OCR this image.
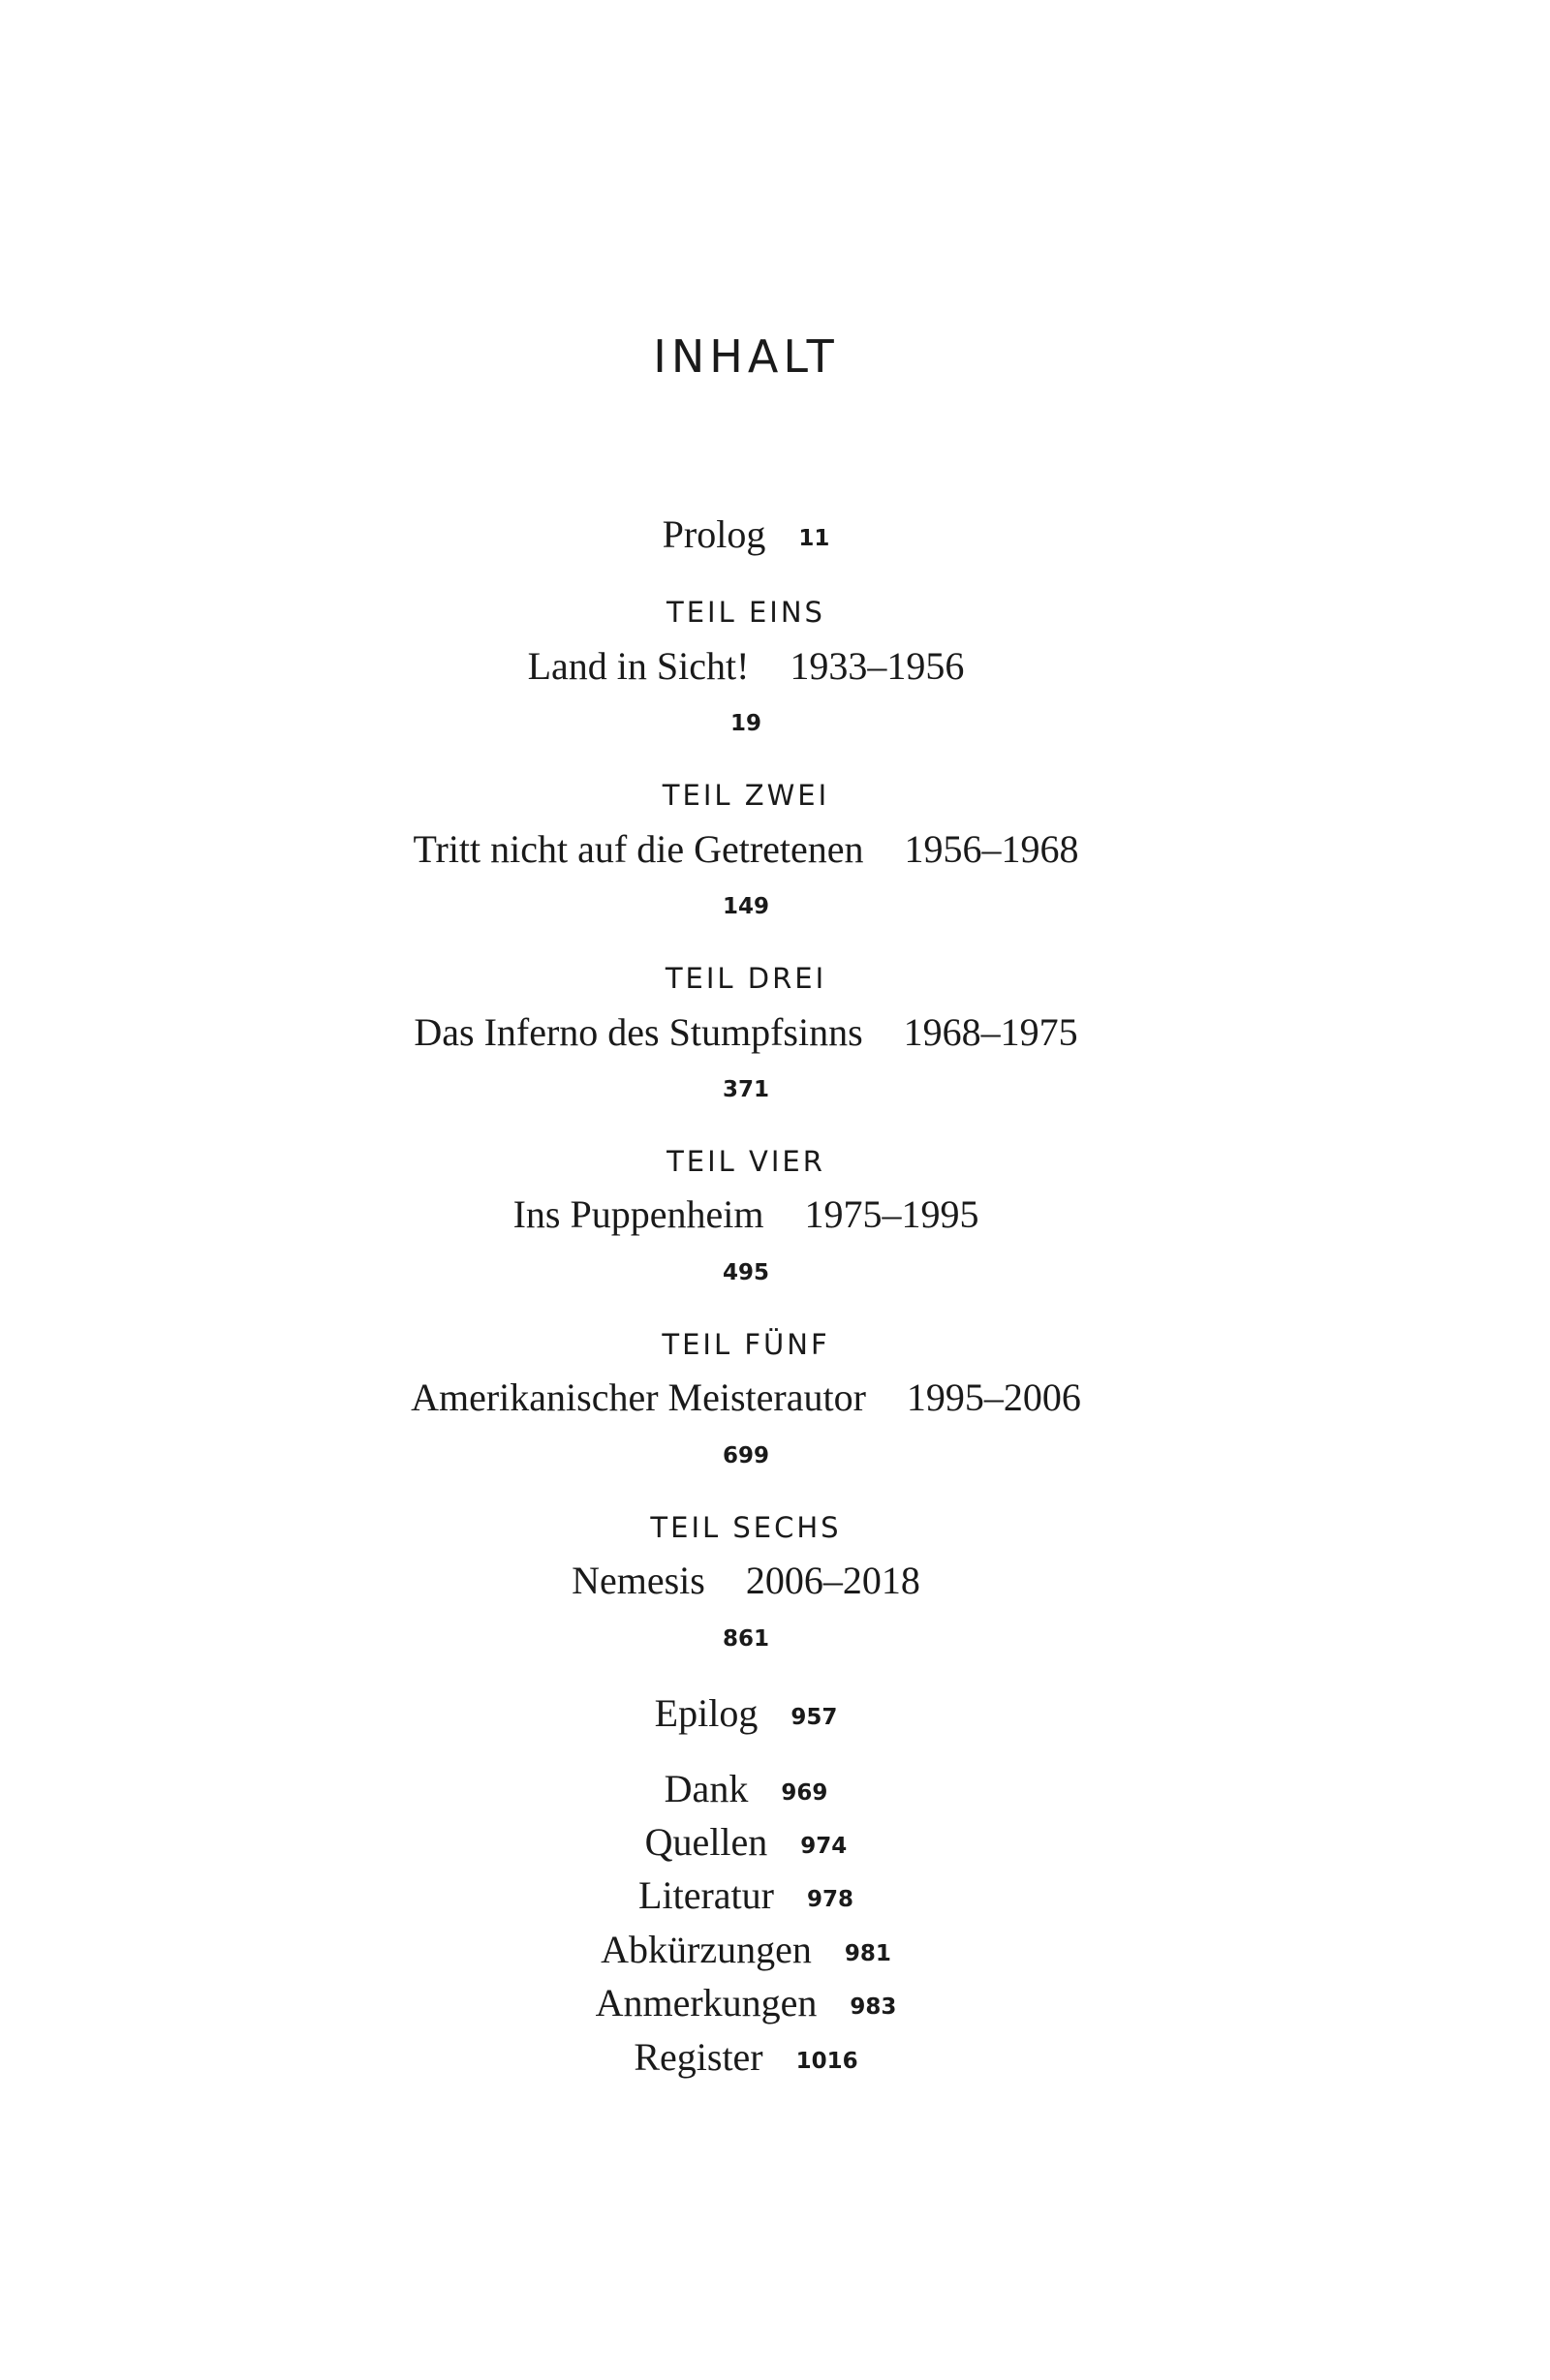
INHALT
Prolog 11
TEIL EINS
Land in Sicht! 1933–1956
19
TEIL ZWEI
Tritt nicht auf die Getretenen 1956–1968
149
TEIL DREI
Das Inferno des Stumpfsinns 1968–1975
371
TEIL VIER
Ins Puppenheim 1975–1995
495
TEIL FÜNF
Amerikanischer Meisterautor 1995–2006
699
TEIL SECHS
Nemesis 2006–2018
861
Epilog 957
Dank 969
Quellen 974
Literatur 978
Abkürzungen 981
Anmerkungen 983
Register 1016
